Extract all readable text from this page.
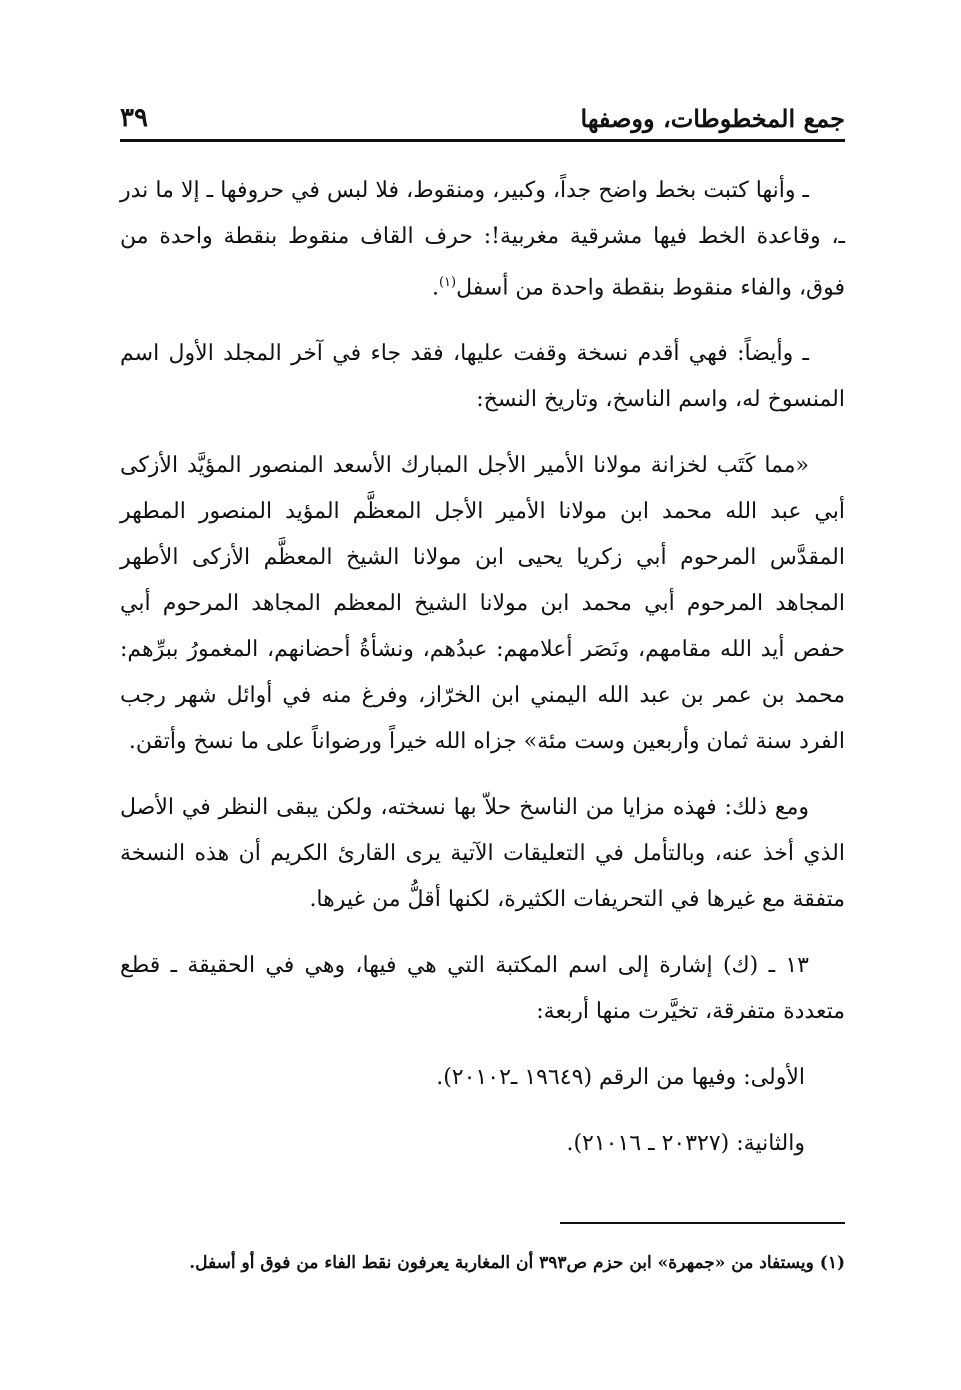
جمع المخطوطات، ووصفها
٣٩

ـ وأنها كتبت بخط واضح جداً، وكبير، ومنقوط، فلا لبس في حروفها ـ إلا ما ندر ـ، وقاعدة الخط فيها مشرقية مغربية!: حرف القاف منقوط بنقطة واحدة من فوق، والفاء منقوط بنقطة واحدة من أسفل$^{(١)}$.

ـ وأيضاً: فهي أقدم نسخة وقفت عليها، فقد جاء في آخر المجلد الأول اسم المنسوخ له، واسم الناسخ، وتاريخ النسخ:

«مما كَتَب لخزانة مولانا الأمير الأجل المبارك الأسعد المنصور المؤيَّد الأزكى أبي عبد الله محمد ابن مولانا الأمير الأجل المعظَّم المؤيد المنصور المطهر المقدَّس المرحوم أبي زكريا يحيى ابن مولانا الشيخ المعظَّم الأزكى الأطهر المجاهد المرحوم أبي محمد ابن مولانا الشيخ المعظم المجاهد المرحوم أبي حفص أيد الله مقامهم، ونَصَر أعلامهم: عبدُهم، ونشأةُ أحضانهم، المغمورُ ببرِّهم: محمد بن عمر بن عبد الله اليمني ابن الخرّاز، وفرغ منه في أوائل شهر رجب الفرد سنة ثمان وأربعين وست مئة» جزاه الله خيراً ورضواناً على ما نسخ وأتقن.

ومع ذلك: فهذه مزايا من الناسخ حلاّ بها نسخته، ولكن يبقى النظر في الأصل الذي أخذ عنه، وبالتأمل في التعليقات الآتية يرى القارئ الكريم أن هذه النسخة متفقة مع غيرها في التحريفات الكثيرة، لكنها أقلُّ من غيرها.

١٣ ـ (ك) إشارة إلى اسم المكتبة التي هي فيها، وهي في الحقيقة ـ قطع متعددة متفرقة، تخيَّرت منها أربعة:

الأولى: وفيها من الرقم (١٩٦٤٩ ـ٢٠١٠٢).

والثانية: (٢٠٣٢٧ ـ ٢١٠١٦).

(١) ويستفاد من «جمهرة» ابن حزم ص٣٩٣ أن المغاربة يعرفون نقط الفاء من فوق أو أسفل.
